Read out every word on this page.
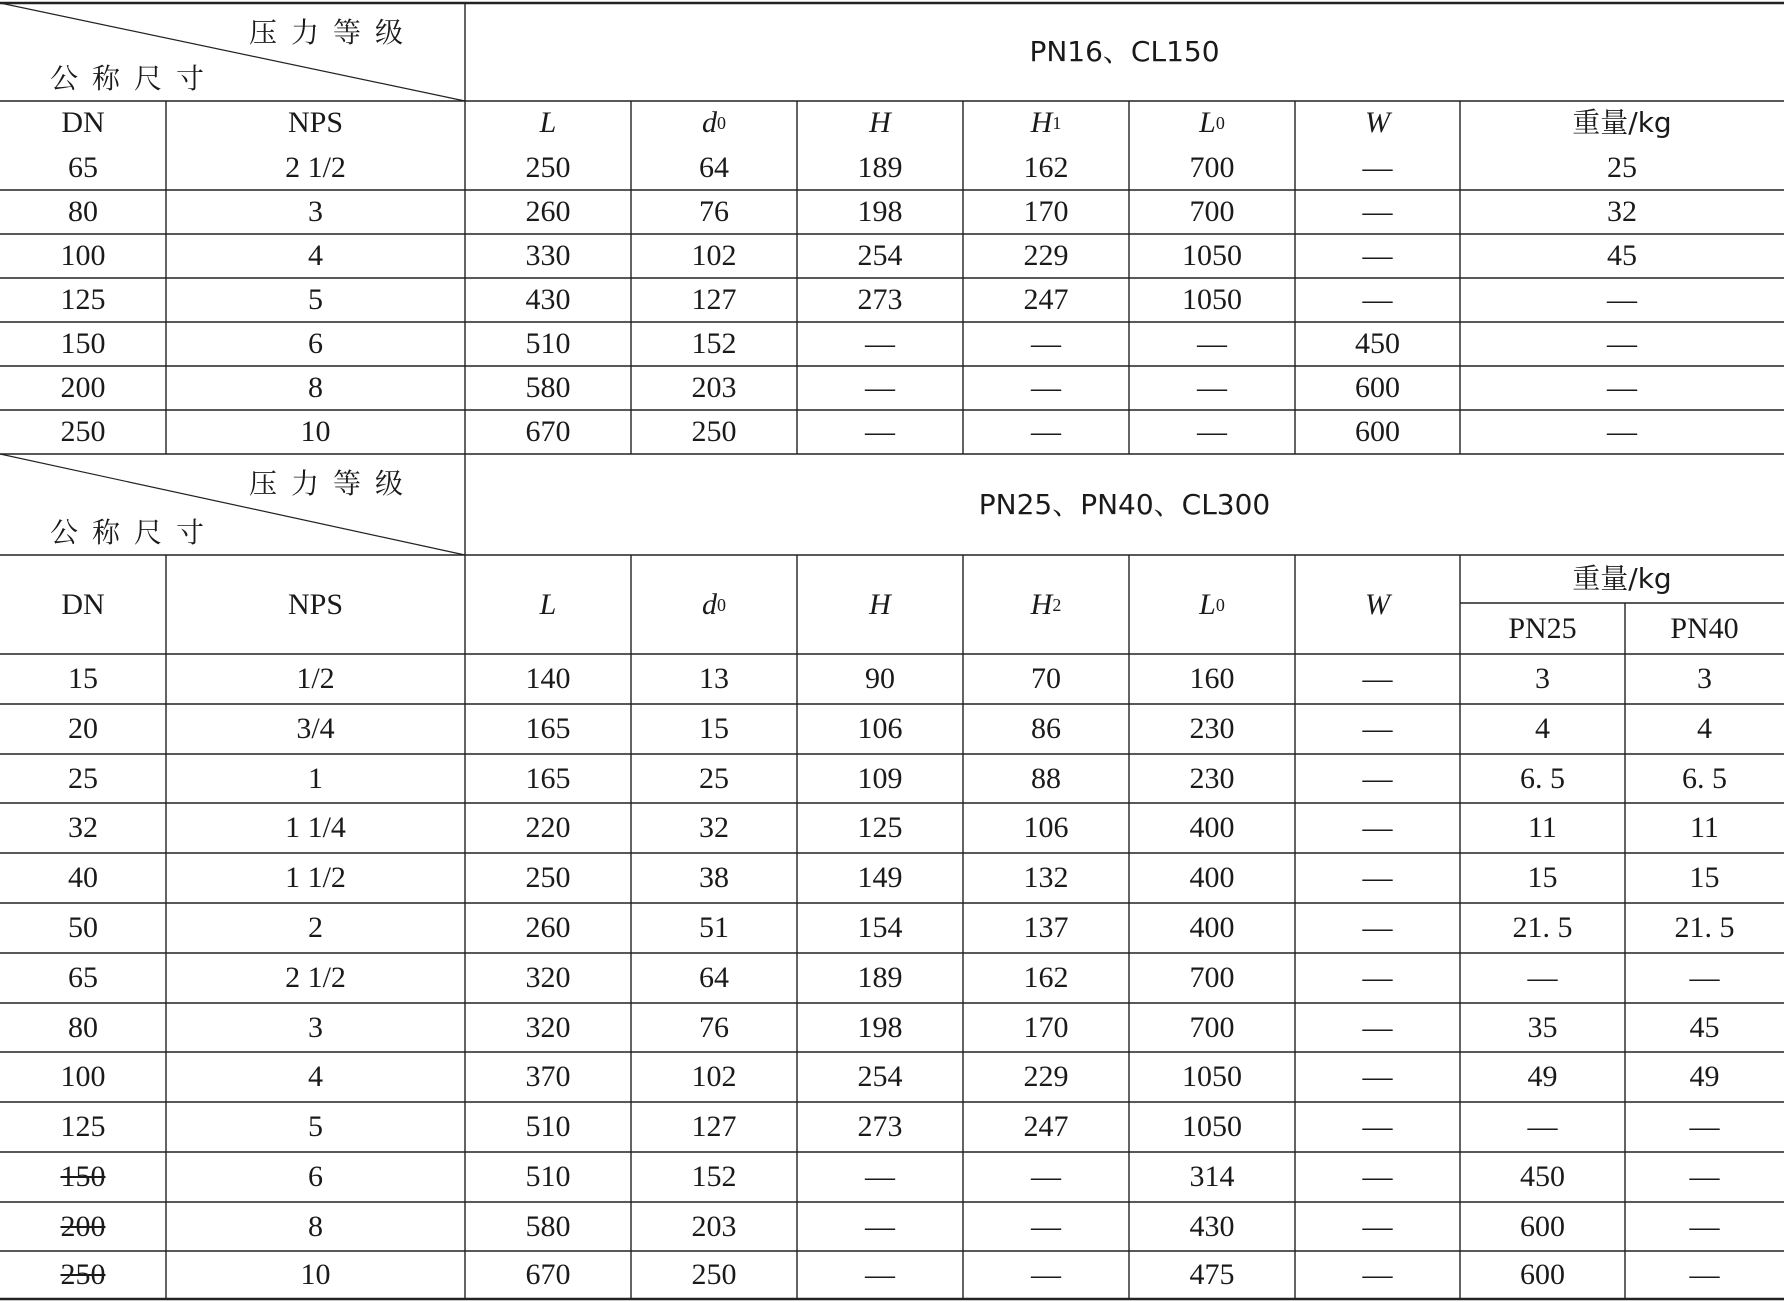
压力等级
公称尺寸
PN16、CL150
DN	NPS	L	d 0	H	H 1	L 0	W	重量/kg
65	2 1/2	250	64	189	162	700	—	25
80	3	260	76	198	170	700	—	32
100	4	330	102	254	229	1050	—	45
125	5	430	127	273	247	1050	—	—
150	6	510	152	—	—	—	450	—
200	8	580	203	—	—	—	600	—
250	10	670	250	—	—	—	600	—
压力等级
公称尺寸
PN25、PN40、CL300
DN	NPS	L	d 0	H	H 2	L 0	W
重量/kg
PN25	PN40
15	1/2	140	13	90	70	160	—	3	3
20	3/4	165	15	106	86	230	—	4	4
25	1	165	25	109	88	230	—	6. 5	6. 5
32	1 1/4	220	32	125	106	400	—	11	11
40	1 1/2	250	38	149	132	400	—	15	15
50	2	260	51	154	137	400	—	21. 5	21. 5
65	2 1/2	320	64	189	162	700	—	—	—
80	3	320	76	198	170	700	—	35	45
100	4	370	102	254	229	1050	—	49	49
125	5	510	127	273	247	1050	—	—	—
150	6	510	152	—	—	314	—	450	—
200	8	580	203	—	—	430	—	600	—
250	10	670	250	—	—	475	—	600	—
